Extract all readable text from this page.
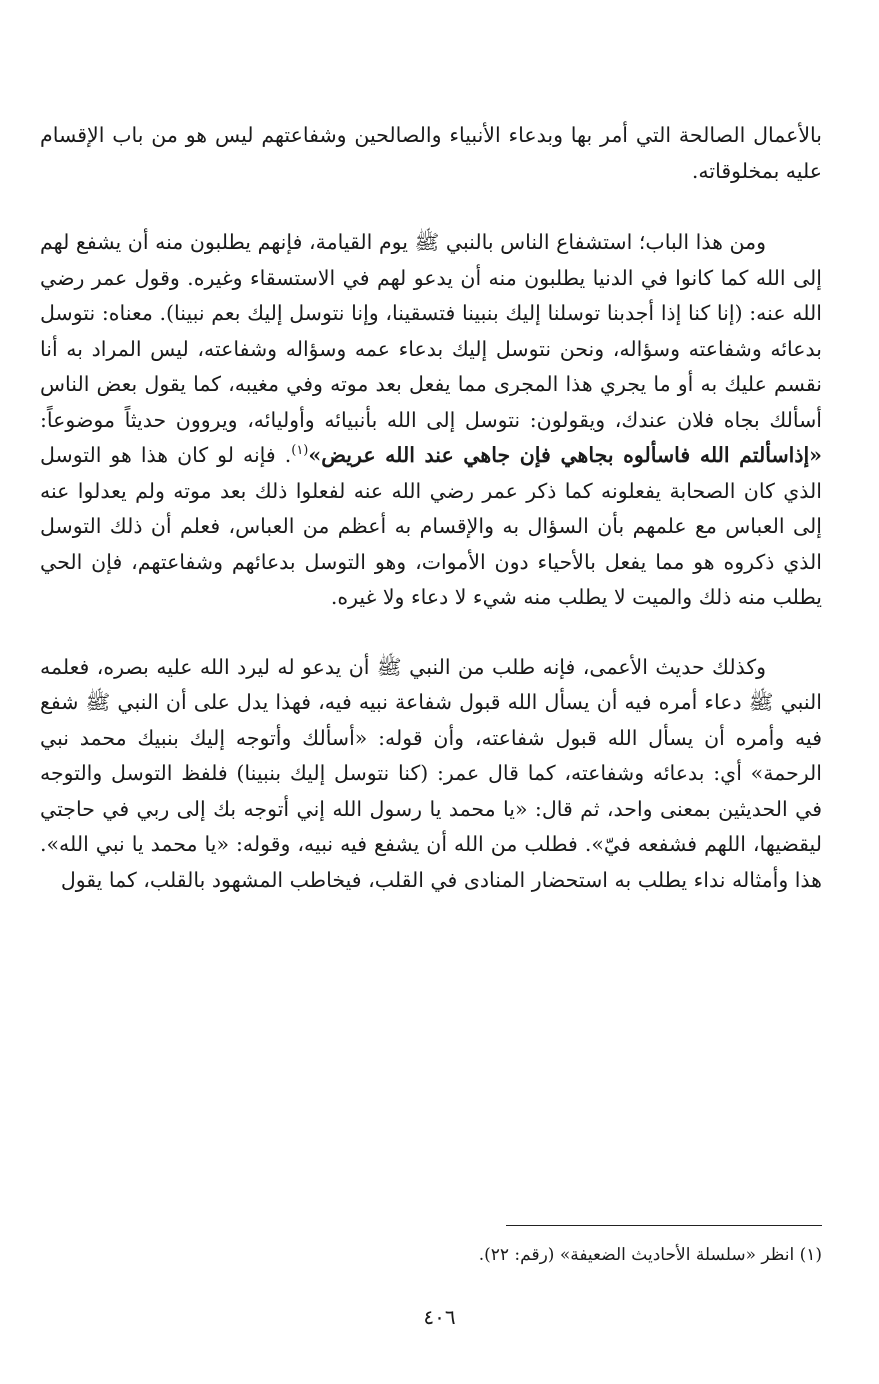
بالأعمال الصالحة التي أمر بها وبدعاء الأنبياء والصالحين وشفاعتهم ليس هو من باب الإقسام عليه بمخلوقاته.

ومن هذا الباب؛ استشفاع الناس بالنبي ﷺ يوم القيامة، فإنهم يطلبون منه أن يشفع لهم إلى الله كما كانوا في الدنيا يطلبون منه أن يدعو لهم في الاستسقاء وغيره. وقول عمر رضي الله عنه: (إنا كنا إذا أجدبنا توسلنا إليك بنبينا فتسقينا، وإنا نتوسل إليك بعم نبينا). معناه: نتوسل بدعائه وشفاعته وسؤاله، ونحن نتوسل إليك بدعاء عمه وسؤاله وشفاعته، ليس المراد به أنا نقسم عليك به أو ما يجري هذا المجرى مما يفعل بعد موته وفي مغيبه، كما يقول بعض الناس أسألك بجاه فلان عندك، ويقولون: نتوسل إلى الله بأنبيائه وأوليائه، ويروون حديثاً موضوعاً: «إذاسألتم الله فاسألوه بجاهي فإن جاهي عند الله عريض»$^{(١)}$. فإنه لو كان هذا هو التوسل الذي كان الصحابة يفعلونه كما ذكر عمر رضي الله عنه لفعلوا ذلك بعد موته ولم يعدلوا عنه إلى العباس مع علمهم بأن السؤال به والإقسام به أعظم من العباس، فعلم أن ذلك التوسل الذي ذكروه هو مما يفعل بالأحياء دون الأموات، وهو التوسل بدعائهم وشفاعتهم، فإن الحي يطلب منه ذلك والميت لا يطلب منه شيء لا دعاء ولا غيره.

وكذلك حديث الأعمى، فإنه طلب من النبي ﷺ أن يدعو له ليرد الله عليه بصره، فعلمه النبي ﷺ دعاء أمره فيه أن يسأل الله قبول شفاعة نبيه فيه، فهذا يدل على أن النبي ﷺ شفع فيه وأمره أن يسأل الله قبول شفاعته، وأن قوله: «أسألك وأتوجه إليك بنبيك محمد نبي الرحمة» أي: بدعائه وشفاعته، كما قال عمر: (كنا نتوسل إليك بنبينا) فلفظ التوسل والتوجه في الحديثين بمعنى واحد، ثم قال: «يا محمد يا رسول الله إني أتوجه بك إلى ربي في حاجتي ليقضيها، اللهم فشفعه فيّ». فطلب من الله أن يشفع فيه نبيه، وقوله: «يا محمد يا نبي الله». هذا وأمثاله نداء يطلب به استحضار المنادى في القلب، فيخاطب المشهود بالقلب، كما يقول

(١) انظر «سلسلة الأحاديث الضعيفة» (رقم: ٢٢).
٤٠٦
